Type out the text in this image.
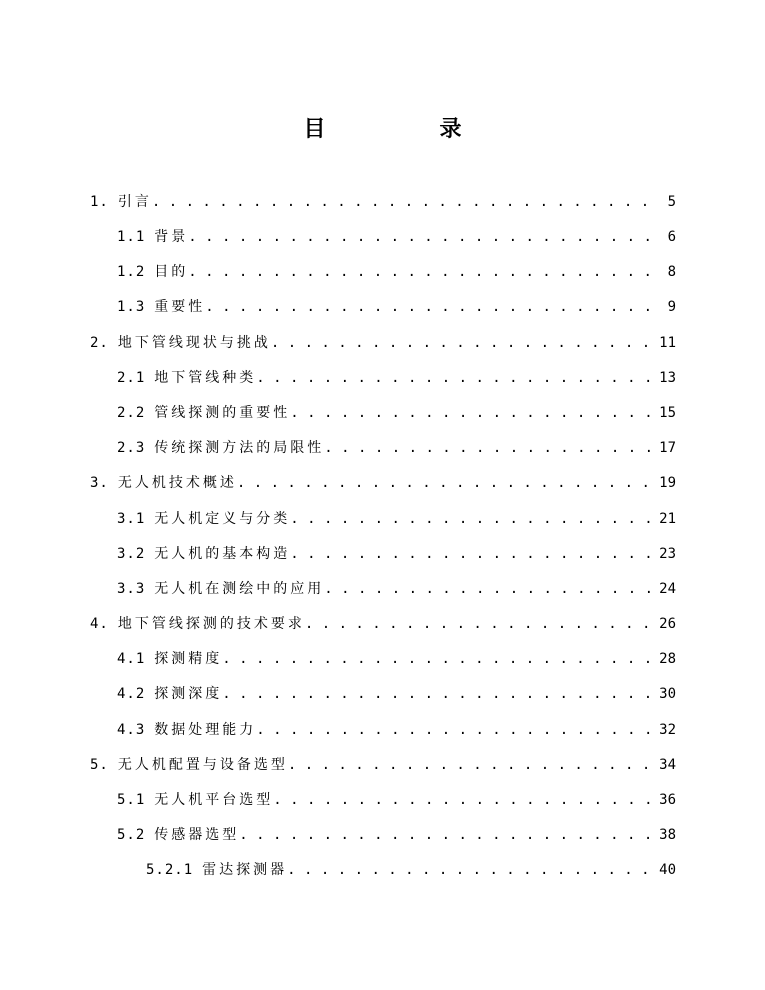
目　录
1. 引言 . . .	5
1.1 背景 . . .	6
1.2 目的 . . .	8
1.3 重要性 . . .	9
2. 地下管线现状与挑战 . . .	11
2.1 地下管线种类 . . .	13
2.2 管线探测的重要性 . . .	15
2.3 传统探测方法的局限性 . . .	17
3. 无人机技术概述 . . .	19
3.1 无人机定义与分类 . . .	21
3.2 无人机的基本构造 . . .	23
3.3 无人机在测绘中的应用 . . .	24
4. 地下管线探测的技术要求 . . .	26
4.1 探测精度 . . .	28
4.2 探测深度 . . .	30
4.3 数据处理能力 . . .	32
5. 无人机配置与设备选型 . . .	34
5.1 无人机平台选型 . . .	36
5.2 传感器选型 . . .	38
5.2.1 雷达探测器 . . .	40
